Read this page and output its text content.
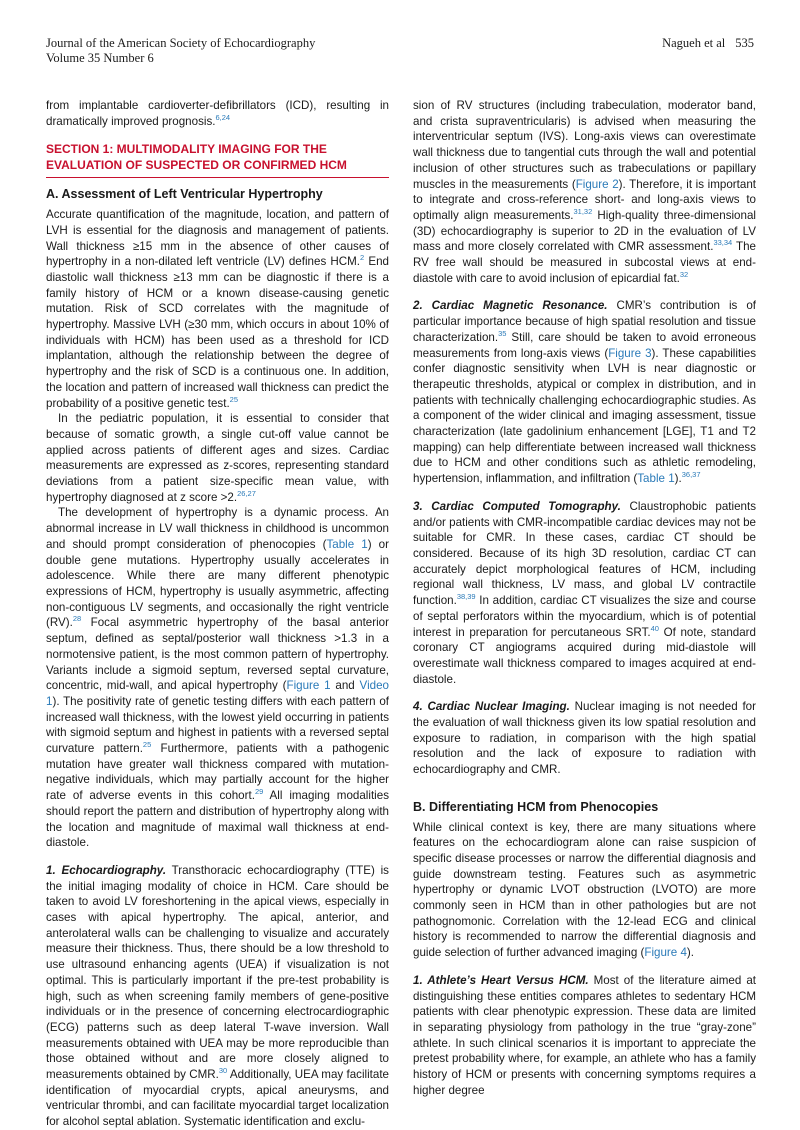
Journal of the American Society of Echocardiography
Volume 35 Number 6
Nagueh et al 535

from implantable cardioverter-defibrillators (ICD), resulting in dramatically improved prognosis.$^{6,24}$

SECTION 1: MULTIMODALITY IMAGING FOR THE EVALUATION OF SUSPECTED OR CONFIRMED HCM
A. Assessment of Left Ventricular Hypertrophy

Accurate quantification of the magnitude, location, and pattern of LVH is essential for the diagnosis and management of patients. Wall thickness ≥15 mm in the absence of other causes of hypertrophy in a non-dilated left ventricle (LV) defines HCM.$^2$ End diastolic wall thickness ≥13 mm can be diagnostic if there is a family history of HCM or a known disease-causing genetic mutation. Risk of SCD correlates with the magnitude of hypertrophy. Massive LVH (≥30 mm, which occurs in about 10% of individuals with HCM) has been used as a threshold for ICD implantation, although the relationship between the degree of hypertrophy and the risk of SCD is a continuous one. In addition, the location and pattern of increased wall thickness can predict the probability of a positive genetic test.$^{25}$

In the pediatric population, it is essential to consider that because of somatic growth, a single cut-off value cannot be applied across patients of different ages and sizes. Cardiac measurements are expressed as z-scores, representing standard deviations from a patient size-specific mean value, with hypertrophy diagnosed at z score >2.$^{26,27}$

The development of hypertrophy is a dynamic process. An abnormal increase in LV wall thickness in childhood is uncommon and should prompt consideration of phenocopies (Table 1) or double gene mutations. Hypertrophy usually accelerates in adolescence. While there are many different phenotypic expressions of HCM, hypertrophy is usually asymmetric, affecting non-contiguous LV segments, and occasionally the right ventricle (RV).$^{28}$ Focal asymmetric hypertrophy of the basal anterior septum, defined as septal/posterior wall thickness >1.3 in a normotensive patient, is the most common pattern of hypertrophy. Variants include a sigmoid septum, reversed septal curvature, concentric, mid-wall, and apical hypertrophy (Figure 1 and Video 1). The positivity rate of genetic testing differs with each pattern of increased wall thickness, with the lowest yield occurring in patients with sigmoid septum and highest in patients with a reversed septal curvature pattern.$^{25}$ Furthermore, patients with a pathogenic mutation have greater wall thickness compared with mutation-negative individuals, which may partially account for the higher rate of adverse events in this cohort.$^{29}$ All imaging modalities should report the pattern and distribution of hypertrophy along with the location and magnitude of maximal wall thickness at end-diastole.

1. Echocardiography. Transthoracic echocardiography (TTE) is the initial imaging modality of choice in HCM. Care should be taken to avoid LV foreshortening in the apical views, especially in cases with apical hypertrophy. The apical, anterior, and anterolateral walls can be challenging to visualize and accurately measure their thickness. Thus, there should be a low threshold to use ultrasound enhancing agents (UEA) if visualization is not optimal. This is particularly important if the pre-test probability is high, such as when screening family members of gene-positive individuals or in the presence of concerning electrocardiographic (ECG) patterns such as deep lateral T-wave inversion. Wall measurements obtained with UEA may be more reproducible than those obtained without and are more closely aligned to measurements obtained by CMR.$^{30}$ Additionally, UEA may facilitate identification of myocardial crypts, apical aneurysms, and ventricular thrombi, and can facilitate myocardial target localization for alcohol septal ablation. Systematic identification and exclu-

sion of RV structures (including trabeculation, moderator band, and crista supraventricularis) is advised when measuring the interventricular septum (IVS). Long-axis views can overestimate wall thickness due to tangential cuts through the wall and potential inclusion of other structures such as trabeculations or papillary muscles in the measurements (Figure 2). Therefore, it is important to integrate and cross-reference short- and long-axis views to optimally align measurements.$^{31,32}$ High-quality three-dimensional (3D) echocardiography is superior to 2D in the evaluation of LV mass and more closely correlated with CMR assessment.$^{33,34}$ The RV free wall should be measured in subcostal views at end-diastole with care to avoid inclusion of epicardial fat.$^{32}$

2. Cardiac Magnetic Resonance. CMR’s contribution is of particular importance because of high spatial resolution and tissue characterization.$^{35}$ Still, care should be taken to avoid erroneous measurements from long-axis views (Figure 3). These capabilities confer diagnostic sensitivity when LVH is near diagnostic or therapeutic thresholds, atypical or complex in distribution, and in patients with technically challenging echocardiographic studies. As a component of the wider clinical and imaging assessment, tissue characterization (late gadolinium enhancement [LGE], T1 and T2 mapping) can help differentiate between increased wall thickness due to HCM and other conditions such as athletic remodeling, hypertension, inflammation, and infiltration (Table 1).$^{36,37}$

3. Cardiac Computed Tomography. Claustrophobic patients and/or patients with CMR-incompatible cardiac devices may not be suitable for CMR. In these cases, cardiac CT should be considered. Because of its high 3D resolution, cardiac CT can accurately depict morphological features of HCM, including regional wall thickness, LV mass, and global LV contractile function.$^{38,39}$ In addition, cardiac CT visualizes the size and course of septal perforators within the myocardium, which is of potential interest in preparation for percutaneous SRT.$^{40}$ Of note, standard coronary CT angiograms acquired during mid-diastole will overestimate wall thickness compared to images acquired at end-diastole.

4. Cardiac Nuclear Imaging. Nuclear imaging is not needed for the evaluation of wall thickness given its low spatial resolution and exposure to radiation, in comparison with the high spatial resolution and the lack of exposure to radiation with echocardiography and CMR.

B. Differentiating HCM from Phenocopies

While clinical context is key, there are many situations where features on the echocardiogram alone can raise suspicion of specific disease processes or narrow the differential diagnosis and guide downstream testing. Features such as asymmetric hypertrophy or dynamic LVOT obstruction (LVOTO) are more commonly seen in HCM than in other pathologies but are not pathognomonic. Correlation with the 12-lead ECG and clinical history is recommended to narrow the differential diagnosis and guide selection of further advanced imaging (Figure 4).

1. Athlete’s Heart Versus HCM. Most of the literature aimed at distinguishing these entities compares athletes to sedentary HCM patients with clear phenotypic expression. These data are limited in separating physiology from pathology in the true “gray-zone” athlete. In such clinical scenarios it is important to appreciate the pretest probability where, for example, an athlete who has a family history of HCM or presents with concerning symptoms requires a higher degree
